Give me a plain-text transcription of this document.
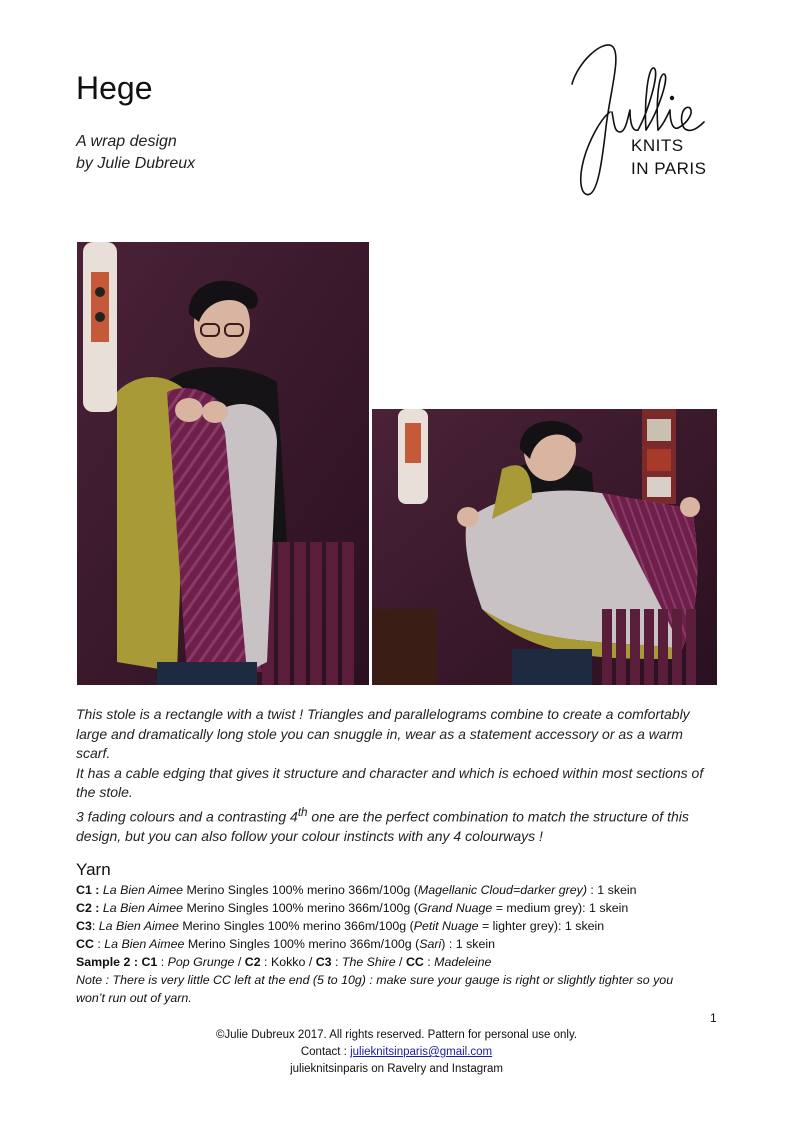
Hege
A wrap design
by Julie Dubreux
KNITS
IN PARIS

This stole is a rectangle with a twist ! Triangles and parallelograms combine to create a comfortably large and dramatically long stole you can snuggle in, wear as a statement accessory or as a warm scarf.

It has a cable edging that gives it structure and character and which is echoed within most sections of the stole.

3 fading colours and a contrasting 4th one are the perfect combination to match the structure of this design, but you can also follow your colour instincts with any 4 colourways !

Yarn
C1 : La Bien Aimee Merino Singles 100% merino 366m/100g (Magellanic Cloud=darker grey) : 1 skein
C2 : La Bien Aimee Merino Singles 100% merino 366m/100g (Grand Nuage = medium grey): 1 skein
C3: La Bien Aimee Merino Singles 100% merino 366m/100g (Petit Nuage = lighter grey): 1 skein
CC : La Bien Aimee Merino Singles 100% merino 366m/100g (Sari) : 1 skein
Sample 2 : C1 : Pop Grunge / C2 : Kokko / C3 : The Shire / CC : Madeleine
Note : There is very little CC left at the end (5 to 10g) : make sure your gauge is right or slightly tighter so you
won’t run out of yarn.
1
©Julie Dubreux 2017. All rights reserved. Pattern for personal use only.
Contact : julieknitsinparis@gmail.com
julieknitsinparis on Ravelry and Instagram
